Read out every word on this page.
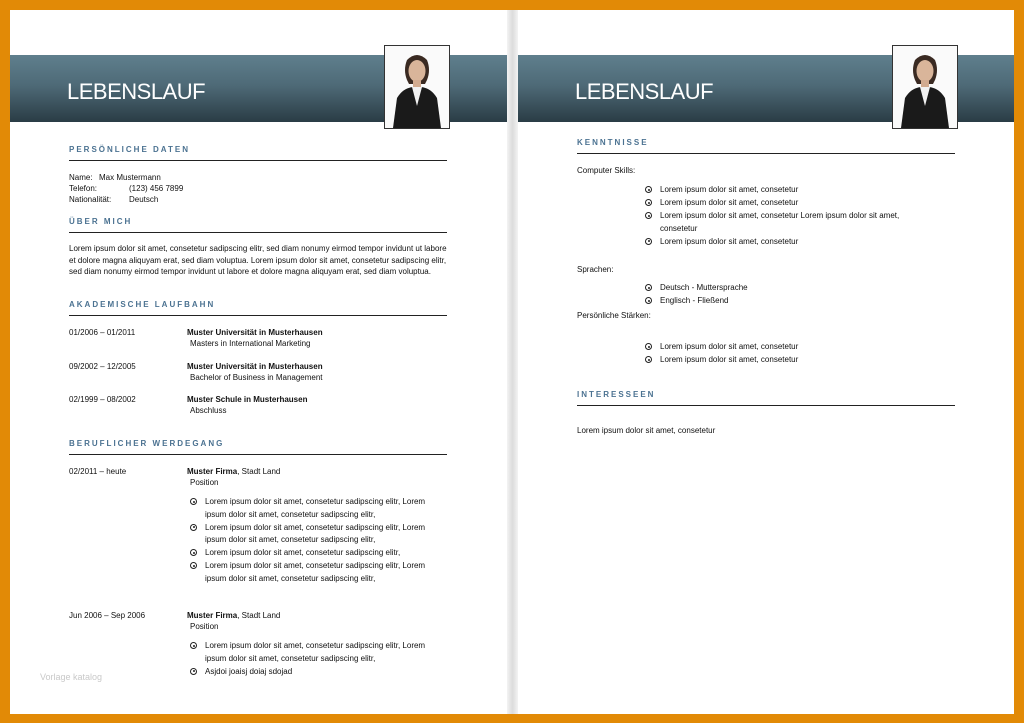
LEBENSLAUF
PERSÖNLICHE DATEN
Name: Max Mustermann
Telefon:	(123) 456 7899
Nationalität: Deutsch
ÜBER MICH
Lorem ipsum dolor sit amet, consetetur sadipscing elitr, sed diam nonumy eirmod tempor invidunt ut labore et dolore magna aliquyam erat, sed diam voluptua. Lorem ipsum dolor sit amet, consetetur sadipscing elitr, sed diam nonumy eirmod tempor invidunt ut labore et dolore magna aliquyam erat, sed diam voluptua.
AKADEMISCHE LAUFBAHN
01/2006 – 01/2011	Muster Universität in Musterhausen
Masters in International Marketing
09/2002 – 12/2005	Muster Universität in Musterhausen
Bachelor of Business in Management
02/1999 – 08/2002	Muster Schule in Musterhausen
Abschluss
BERUFLICHER WERDEGANG
02/2011 – heute	Muster Firma, Stadt Land
Position
Lorem ipsum dolor sit amet, consetetur sadipscing elitr, Lorem ipsum dolor sit amet, consetetur sadipscing elitr,
Lorem ipsum dolor sit amet, consetetur sadipscing elitr, Lorem ipsum dolor sit amet, consetetur sadipscing elitr,
Lorem ipsum dolor sit amet, consetetur sadipscing elitr,
Lorem ipsum dolor sit amet, consetetur sadipscing elitr, Lorem ipsum dolor sit amet, consetetur sadipscing elitr,
Jun 2006 – Sep 2006	Muster Firma, Stadt Land
Position
Lorem ipsum dolor sit amet, consetetur sadipscing elitr, Lorem ipsum dolor sit amet, consetetur sadipscing elitr,
Asjdoi joaisj doiaj sdojad
Vorlage katalog
LEBENSLAUF
KENNTNISSE
Computer Skills:
Lorem ipsum dolor sit amet, consetetur
Lorem ipsum dolor sit amet, consetetur
Lorem ipsum dolor sit amet, consetetur Lorem ipsum dolor sit amet, consetetur
Lorem ipsum dolor sit amet, consetetur
Sprachen:
Deutsch - Muttersprache
Englisch - Fließend
Persönliche Stärken:
Lorem ipsum dolor sit amet, consetetur
Lorem ipsum dolor sit amet, consetetur
INTERESSEEN
Lorem ipsum dolor sit amet, consetetur
